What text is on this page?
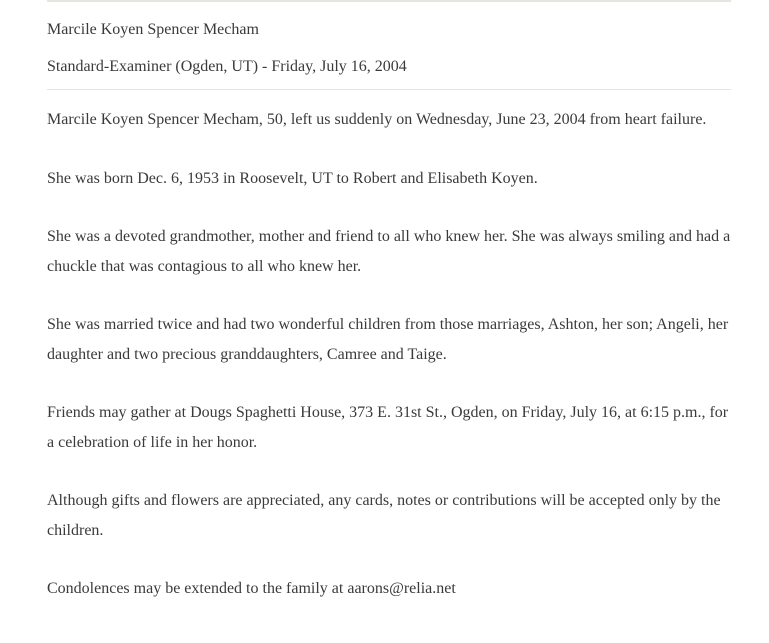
Marcile Koyen Spencer Mecham
Standard-Examiner (Ogden, UT) - Friday, July 16, 2004

Marcile Koyen Spencer Mecham, 50, left us suddenly on Wednesday, June 23, 2004 from heart failure.

She was born Dec. 6, 1953 in Roosevelt, UT to Robert and Elisabeth Koyen.

She was a devoted grandmother, mother and friend to all who knew her. She was always smiling and had a chuckle that was contagious to all who knew her.

She was married twice and had two wonderful children from those marriages, Ashton, her son; Angeli, her daughter and two precious granddaughters, Camree and Taige.

Friends may gather at Dougs Spaghetti House, 373 E. 31st St., Ogden, on Friday, July 16, at 6:15 p.m., for a celebration of life in her honor.

Although gifts and flowers are appreciated, any cards, notes or contributions will be accepted only by the children.

Condolences may be extended to the family at aarons@relia.net
